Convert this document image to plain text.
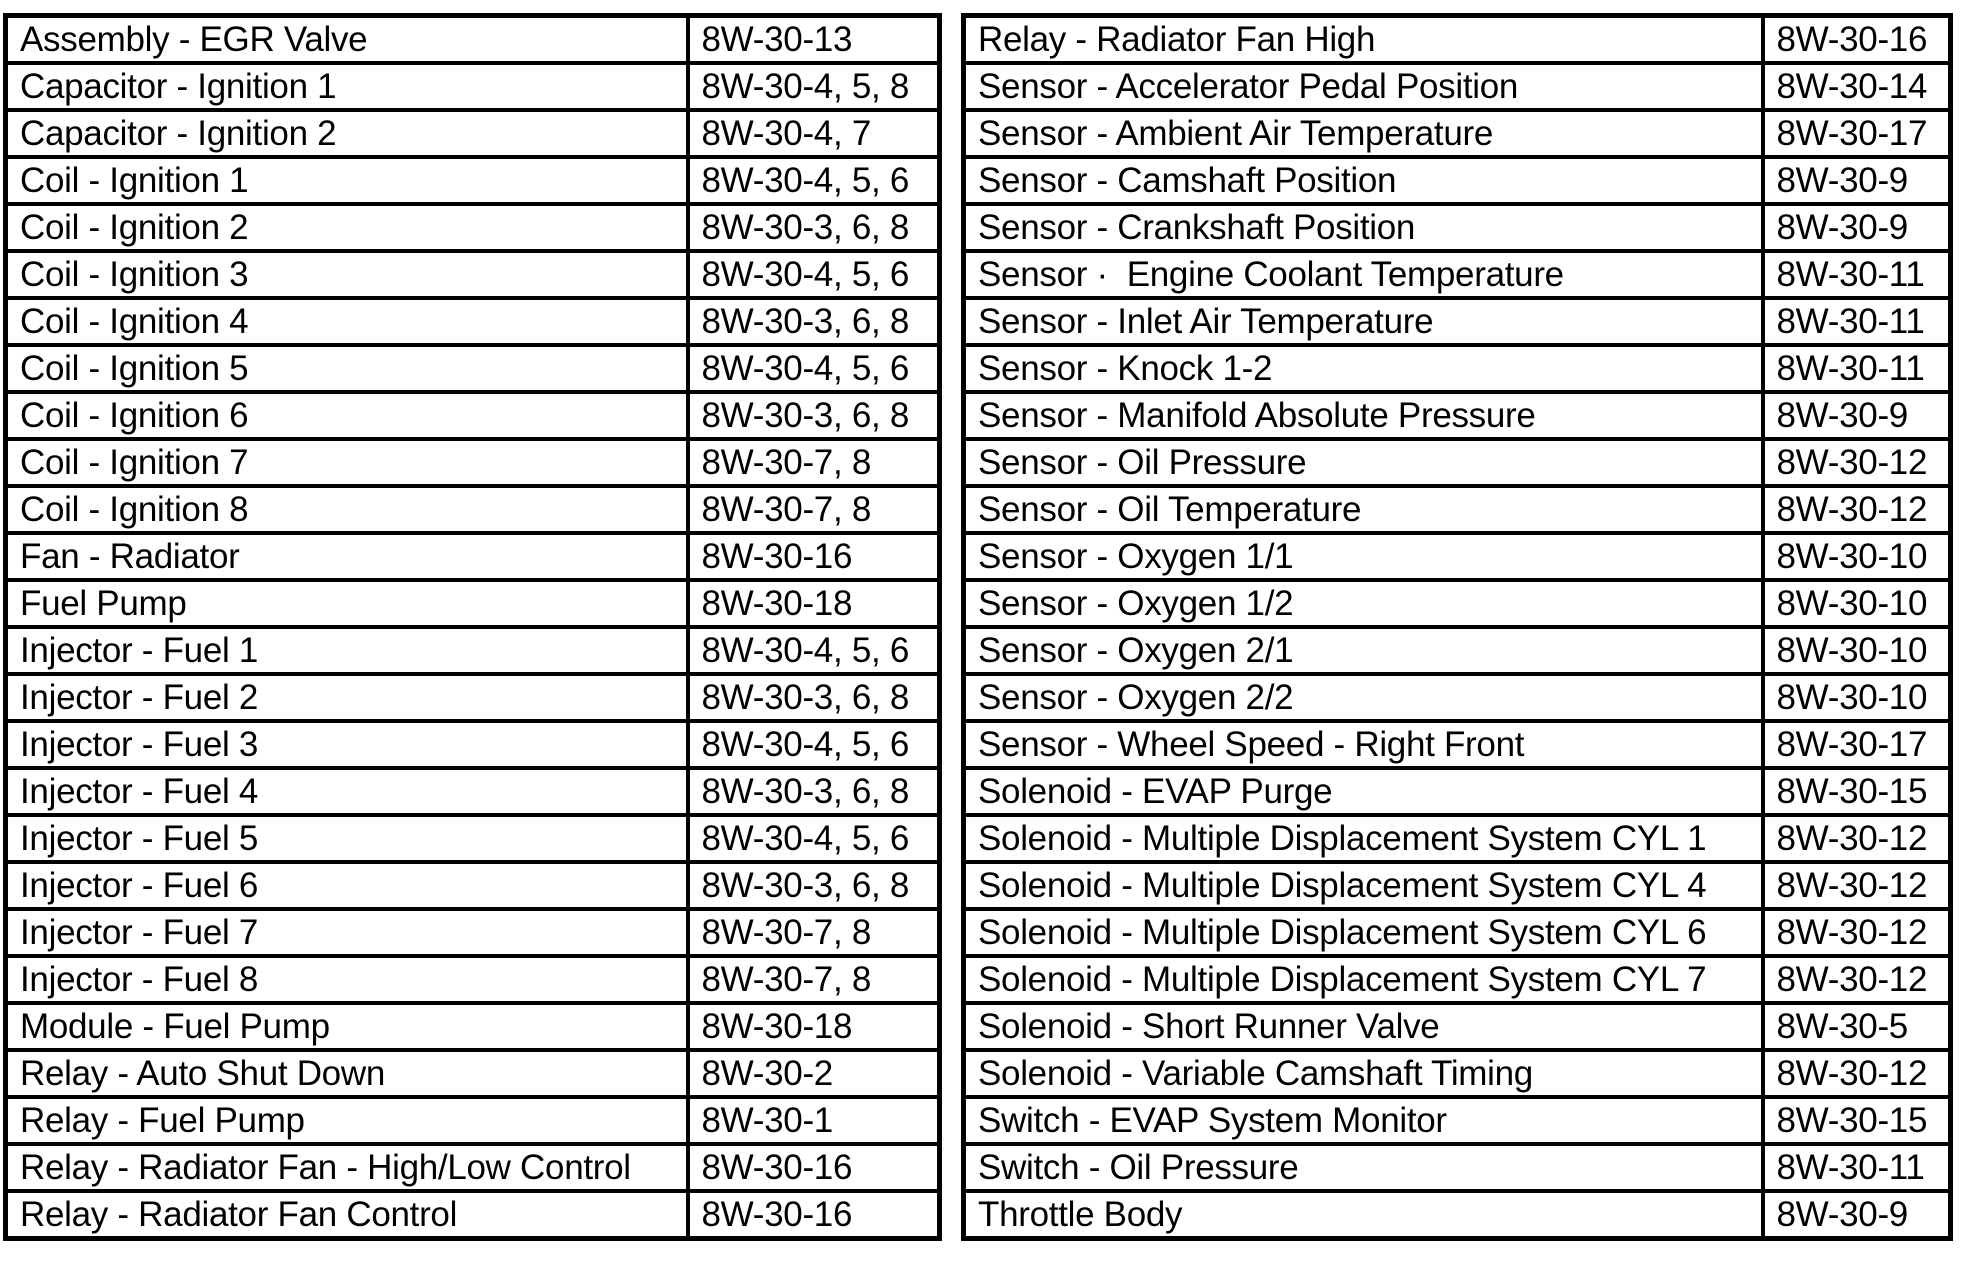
Assembly - EGR Valve	8W-30-13
Capacitor - Ignition 1	8W-30-4, 5, 8
Capacitor - Ignition 2	8W-30-4, 7
Coil - Ignition 1	8W-30-4, 5, 6
Coil - Ignition 2	8W-30-3, 6, 8
Coil - Ignition 3	8W-30-4, 5, 6
Coil - Ignition 4	8W-30-3, 6, 8
Coil - Ignition 5	8W-30-4, 5, 6
Coil - Ignition 6	8W-30-3, 6, 8
Coil - Ignition 7	8W-30-7, 8
Coil - Ignition 8	8W-30-7, 8
Fan - Radiator	8W-30-16
Fuel Pump	8W-30-18
Injector - Fuel 1	8W-30-4, 5, 6
Injector - Fuel 2	8W-30-3, 6, 8
Injector - Fuel 3	8W-30-4, 5, 6
Injector - Fuel 4	8W-30-3, 6, 8
Injector - Fuel 5	8W-30-4, 5, 6
Injector - Fuel 6	8W-30-3, 6, 8
Injector - Fuel 7	8W-30-7, 8
Injector - Fuel 8	8W-30-7, 8
Module - Fuel Pump	8W-30-18
Relay - Auto Shut Down	8W-30-2
Relay - Fuel Pump	8W-30-1
Relay - Radiator Fan - High/Low Control	8W-30-16
Relay - Radiator Fan Control	8W-30-16
Relay - Radiator Fan High	8W-30-16
Sensor - Accelerator Pedal Position	8W-30-14
Sensor - Ambient Air Temperature	8W-30-17
Sensor - Camshaft Position	8W-30-9
Sensor - Crankshaft Position	8W-30-9
Sensor ·  Engine Coolant Temperature	8W-30-11
Sensor - Inlet Air Temperature	8W-30-11
Sensor - Knock 1-2	8W-30-11
Sensor - Manifold Absolute Pressure	8W-30-9
Sensor - Oil Pressure	8W-30-12
Sensor - Oil Temperature	8W-30-12
Sensor - Oxygen 1/1	8W-30-10
Sensor - Oxygen 1/2	8W-30-10
Sensor - Oxygen 2/1	8W-30-10
Sensor - Oxygen 2/2	8W-30-10
Sensor - Wheel Speed - Right Front	8W-30-17
Solenoid - EVAP Purge	8W-30-15
Solenoid - Multiple Displacement System CYL 1	8W-30-12
Solenoid - Multiple Displacement System CYL 4	8W-30-12
Solenoid - Multiple Displacement System CYL 6	8W-30-12
Solenoid - Multiple Displacement System CYL 7	8W-30-12
Solenoid - Short Runner Valve	8W-30-5
Solenoid - Variable Camshaft Timing	8W-30-12
Switch - EVAP System Monitor	8W-30-15
Switch - Oil Pressure	8W-30-11
Throttle Body	8W-30-9
